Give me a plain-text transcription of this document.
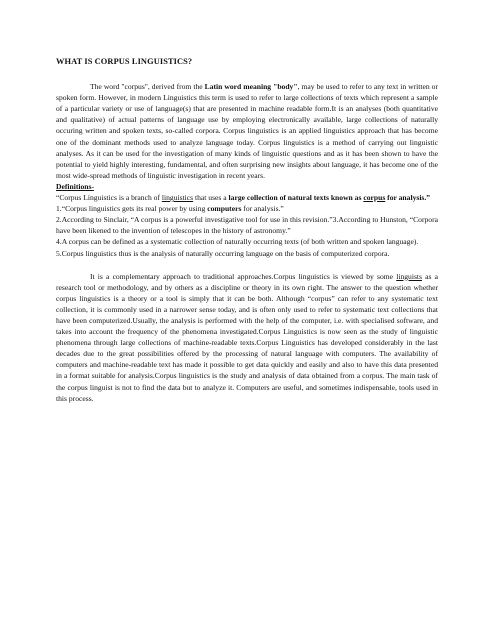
WHAT IS CORPUS LINGUISTICS?

The word "corpus", derived from the Latin word meaning "body", may be used to refer to any text in written or spoken form. However, in modern Linguistics this term is used to refer to large collections of texts which represent a sample of a particular variety or use of language(s) that are presented in machine readable form.It is an analyses (both quantitative and qualitative) of actual patterns of language use by employing electronically available, large collections of naturally occuring written and spoken texts, so-called corpora. Corpus linguistics is an applied linguistics approach that has become one of the dominant methods used to analyze language today. Corpus linguistics is a method of carrying out linguistic analyses. As it can be used for the investigation of many kinds of linguistic questions and as it has been shown to have the potential to yield highly interesting, fundamental, and often surprising new insights about language, it has become one of the most wide-spread methods of linguistic investigation in recent years.

Definitions-

“Corpus Linguistics is a branch of linguistics that uses a large collection of natural texts known as corpus for analysis.”

1.“Corpus linguistics gets its real power by using computers for analysis.”

2.According to Sinclair, “A corpus is a powerful investigative tool for use in this revision.”3.According to Hunston, “Corpora have been likened to the invention of telescopes in the history of astronomy.”

4.A corpus can be defined as a systematic collection of naturally occurring texts (of both written and spoken language).

5.Corpus linguistics thus is the analysis of naturally occurring language on the basis of computerized corpora.

It is a complementary approach to traditional approaches.Corpus linguistics is viewed by some linguists as a research tool or methodology, and by others as a discipline or theory in its own right. The answer to the question whether corpus linguistics is a theory or a tool is simply that it can be both. Although “corpus” can refer to any systematic text collection, it is commonly used in a narrower sense today, and is often only used to refer to systematic text collections that have been computerized.Usually, the analysis is performed with the help of the computer, i.e. with specialised software, and takes into account the frequency of the phenomena investigated.Corpus Linguistics is now seen as the study of linguistic phenomena through large collections of machine-readable texts.Corpus Linguistics has developed considerably in the last decades due to the great possibilities offered by the processing of natural language with computers. The availability of computers and machine-readable text has made it possible to get data quickly and easily and also to have this data presented in a format suitable for analysis.Corpus linguistics is the study and analysis of data obtained from a corpus. The main task of the corpus linguist is not to find the data but to analyze it. Computers are useful, and sometimes indispensable, tools used in this process.
